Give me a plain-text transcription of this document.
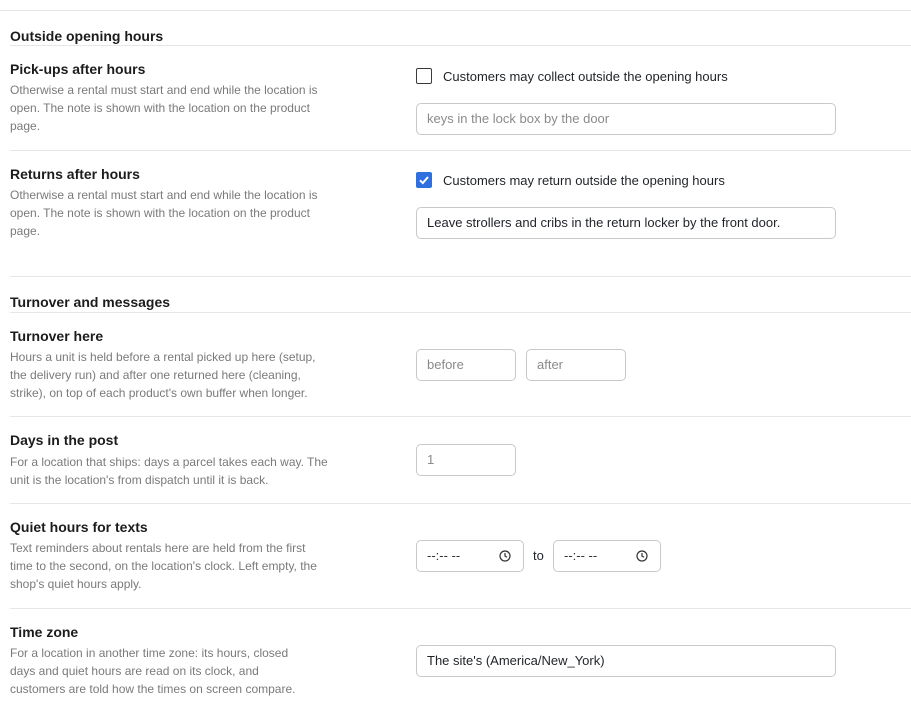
Outside opening hours
Pick-ups after hours
Otherwise a rental must start and end while the location is open. The note is shown with the location on the product page.
Customers may collect outside the opening hours
keys in the lock box by the door
Returns after hours
Otherwise a rental must start and end while the location is open. The note is shown with the location on the product page.
Customers may return outside the opening hours
Leave strollers and cribs in the return locker by the front door.
Turnover and messages
Turnover here
Hours a unit is held before a rental picked up here (setup, the delivery run) and after one returned here (cleaning, strike), on top of each product's own buffer when longer.
before	after
Days in the post
For a location that ships: days a parcel takes each way. The unit is the location's from dispatch until it is back.
1
Quiet hours for texts
Text reminders about rentals here are held from the first time to the second, on the location's clock. Left empty, the shop's quiet hours apply.
--:-- --	to	--:-- --
Time zone
For a location in another time zone: its hours, closed days and quiet hours are read on its clock, and customers are told how the times on screen compare.
The site's (America/New_York)
